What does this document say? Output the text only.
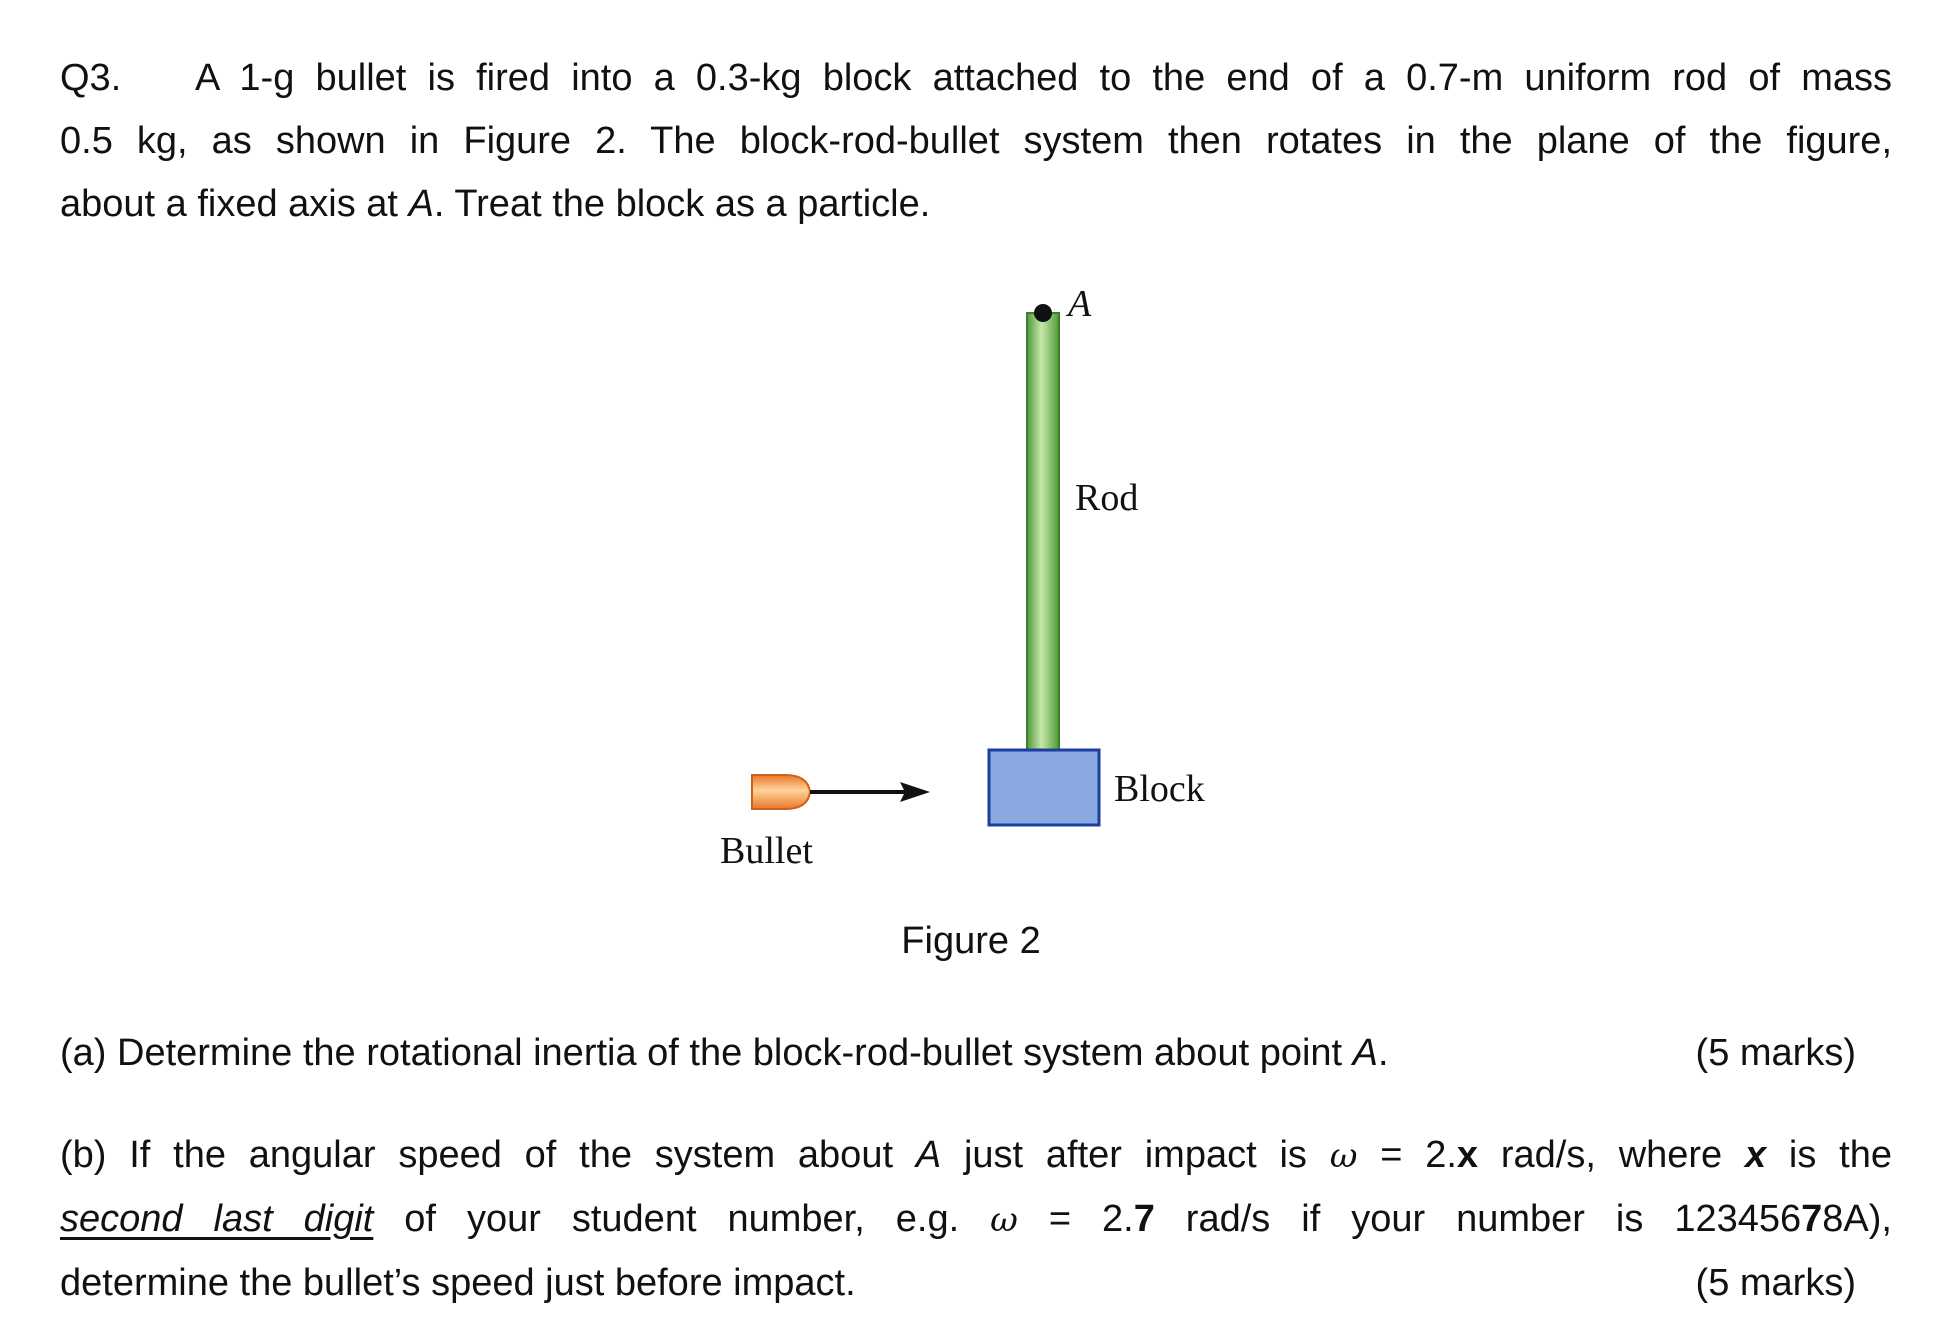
Q3. A 1-g bullet is fired into a 0.3-kg block attached to the end of a 0.7-m uniform rod of mass
0.5 kg, as shown in Figure 2. The block-rod-bullet system then rotates in the plane of the figure,
about a fixed axis at A. Treat the block as a particle.
A
Rod
Block
Bullet
Figure 2
(a) Determine the rotational inertia of the block-rod-bullet system about point A.	(5 marks)
(b) If the angular speed of the system about A just after impact is ω = 2.x rad/s, where x is the
second last digit of your student number, e.g. ω = 2.7 rad/s if your number is 12345678A),
determine the bullet’s speed just before impact.	(5 marks)
